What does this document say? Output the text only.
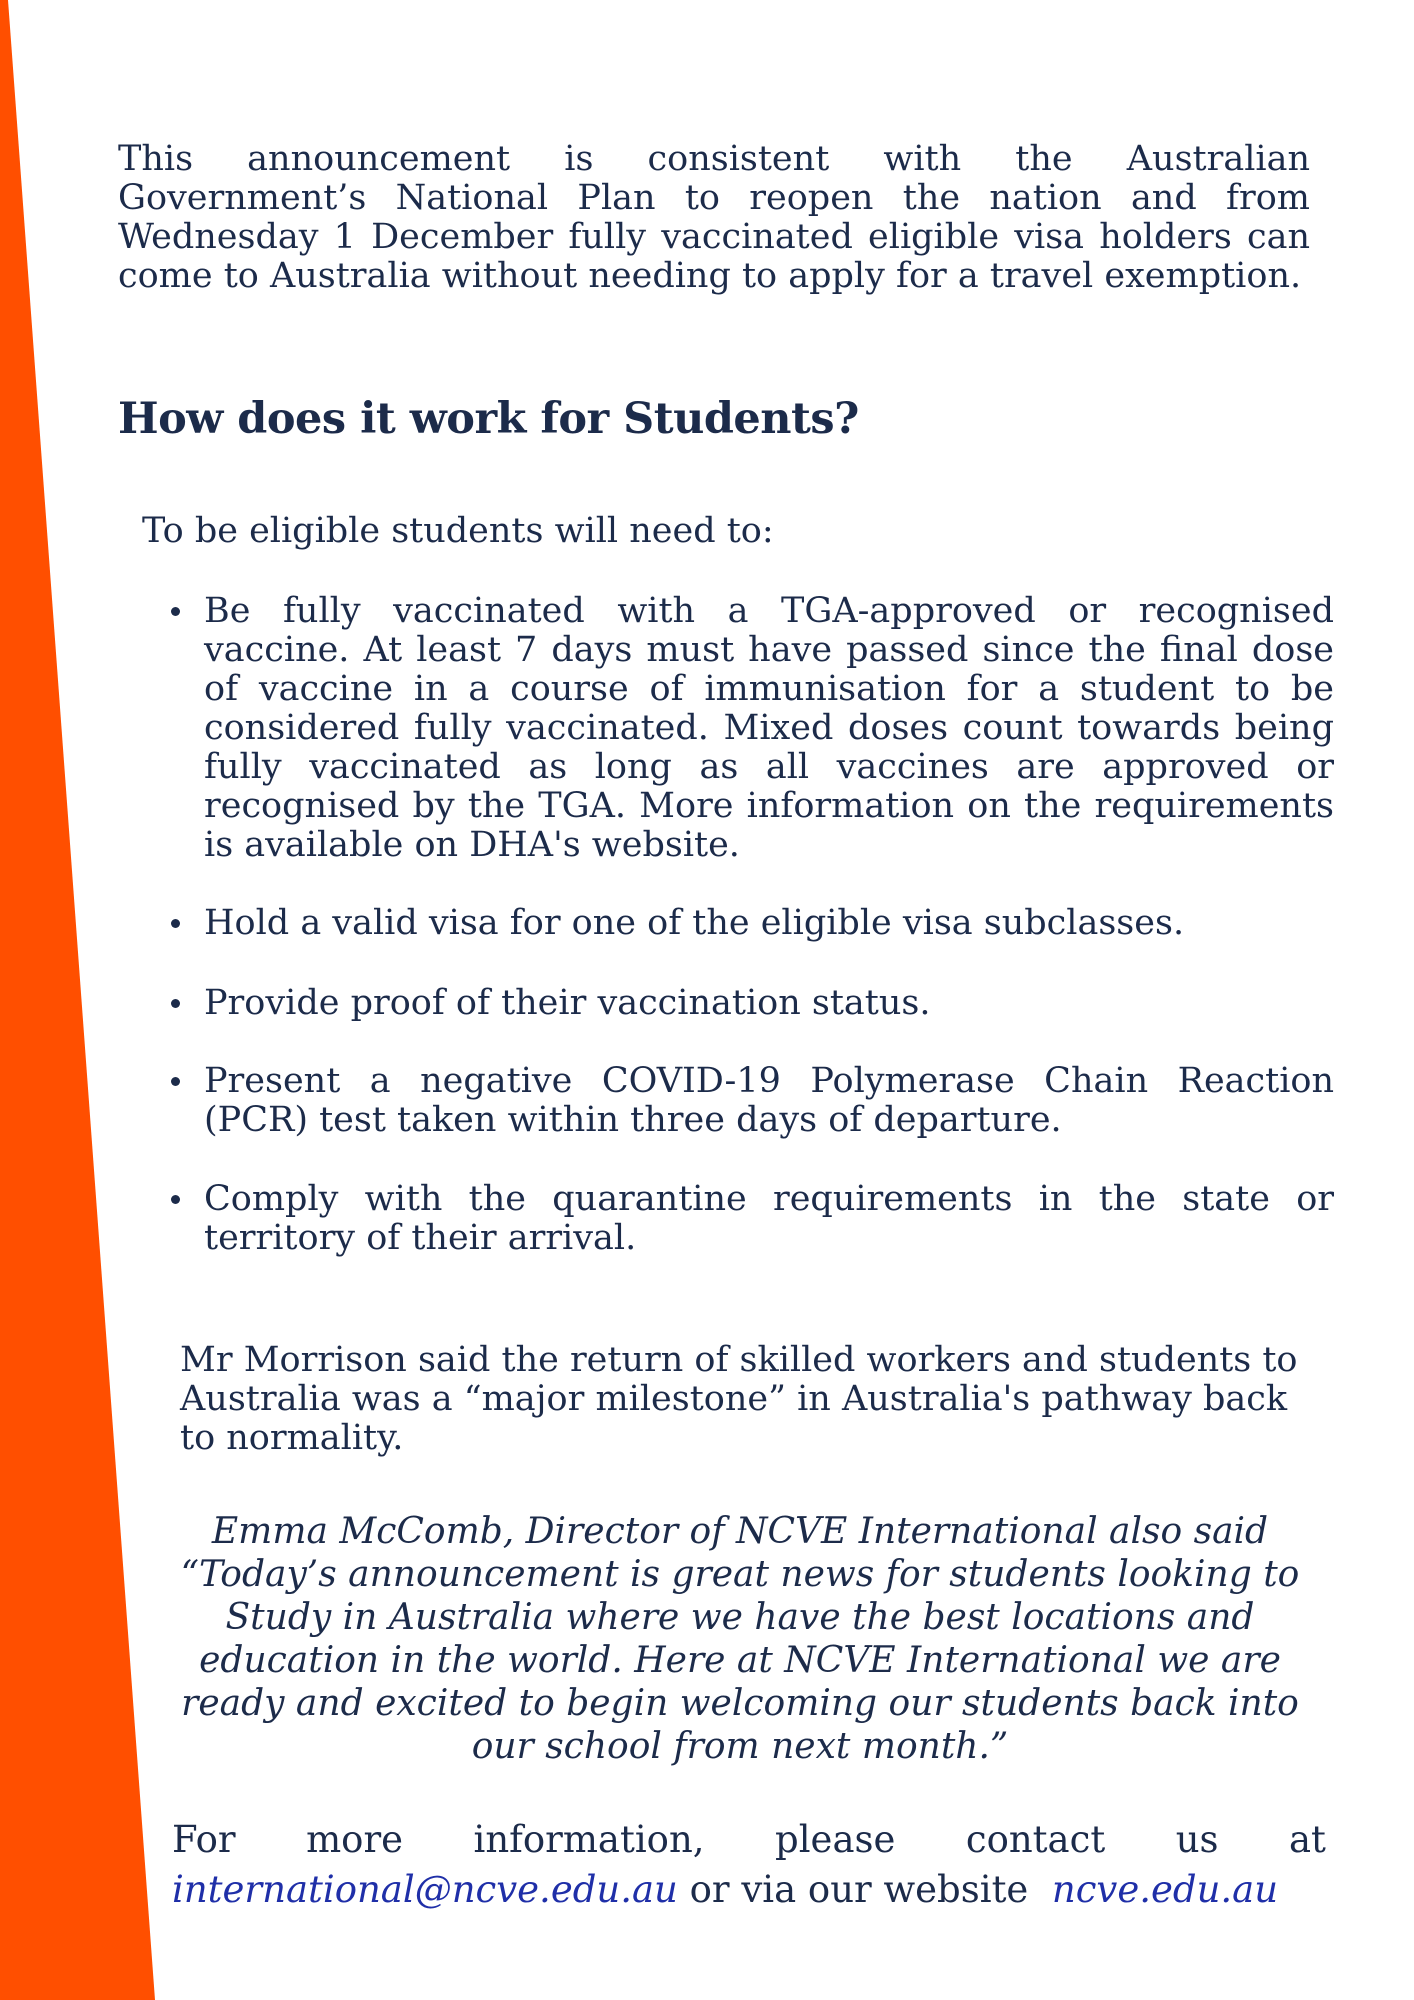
This announcement is consistent with the Australian Government’s National Plan to reopen the nation and from Wednesday 1 December fully vaccinated eligible visa holders can come to Australia without needing to apply for a travel exemption.

How does it work for Students?

To be eligible students will need to:

Be fully vaccinated with a TGA-approved or recognised vaccine. At least 7 days must have passed since the final dose of vaccine in a course of immunisation for a student to be considered fully vaccinated. Mixed doses count towards being fully vaccinated as long as all vaccines are approved or recognised by the TGA. More information on the requirements is available on DHA's website.
Hold a valid visa for one of the eligible visa subclasses.
Provide proof of their vaccination status.
Present a negative COVID-19 Polymerase Chain Reaction (PCR) test taken within three days of departure.
Comply with the quarantine requirements in the state or territory of their arrival.

Mr Morrison said the return of skilled workers and students to Australia was a “major milestone” in Australia's pathway back to normality.

Emma McComb, Director of NCVE International also said “Today’s announcement is great news for students looking to Study in Australia where we have the best locations and education in the world. Here at NCVE International we are ready and excited to begin welcoming our students back into our school from next month.”

For more information, please contact us at
international@ncve.edu.au or via our website ncve.edu.au
